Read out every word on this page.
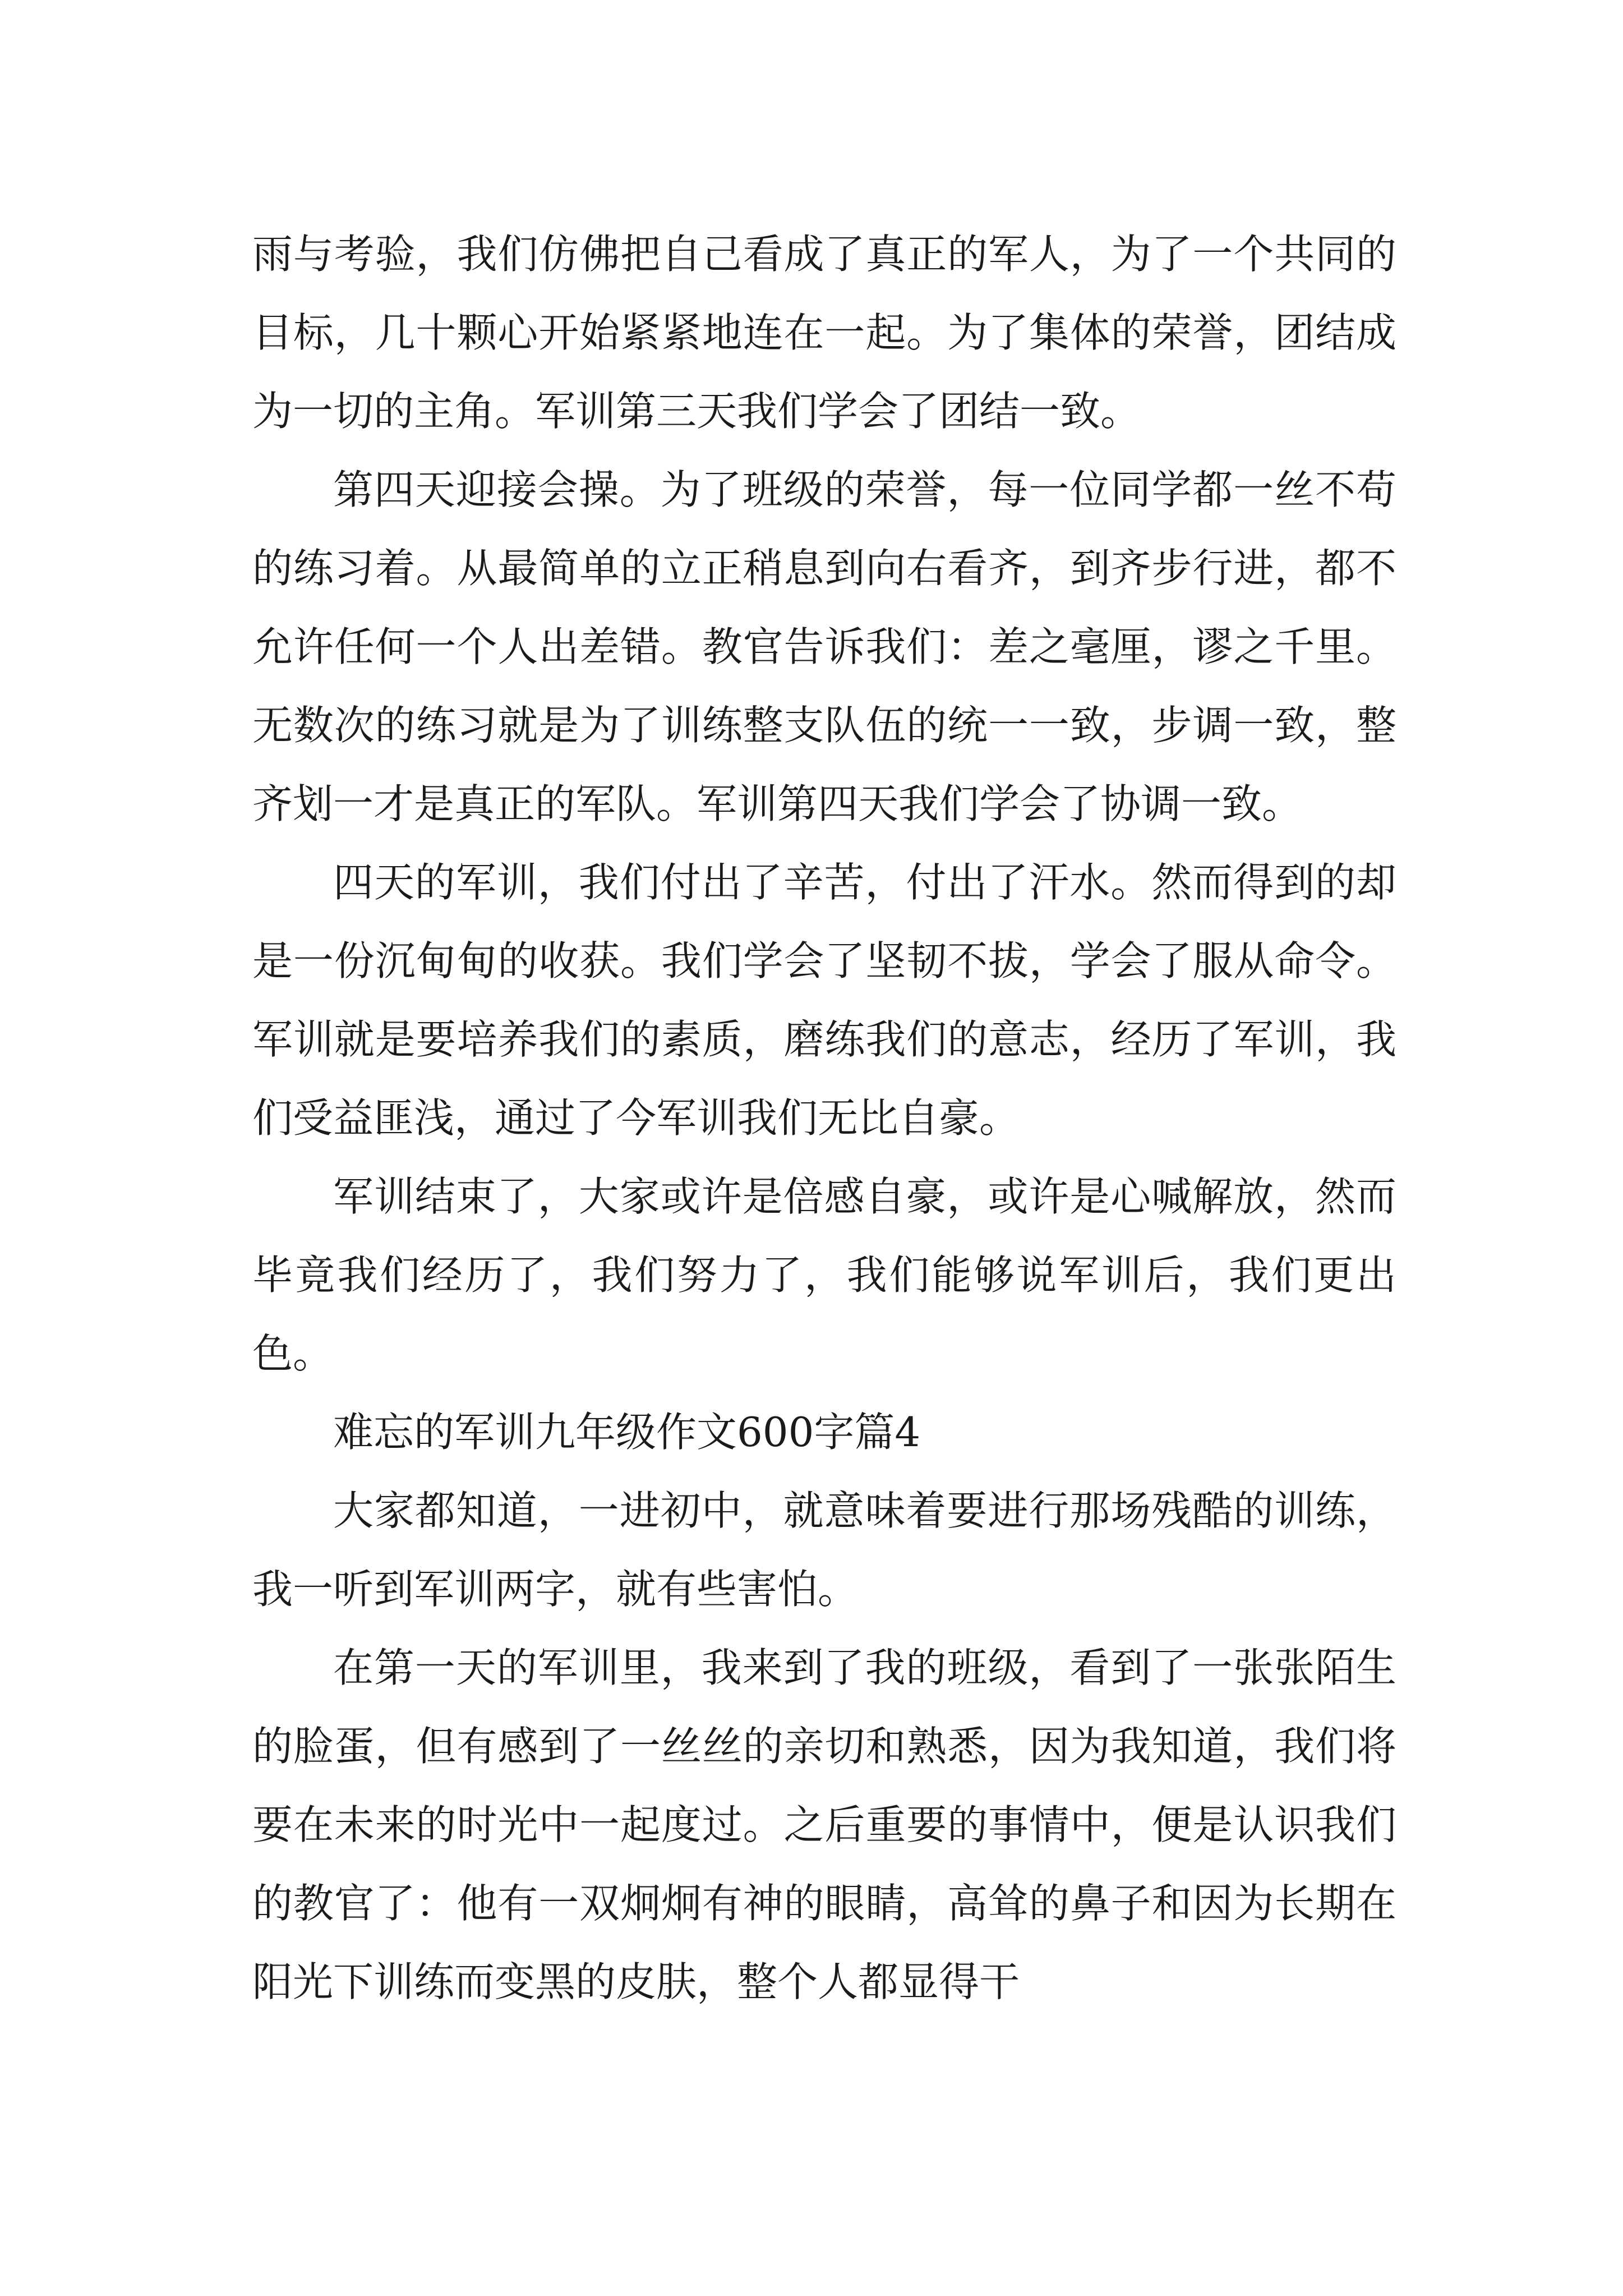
雨与考验，我们仿佛把自己看成了真正的军人，为了一个共同的目标，几十颗心开始紧紧地连在一起。为了集体的荣誉，团结成为一切的主角。军训第三天我们学会了团结一致。

第四天迎接会操。为了班级的荣誉，每一位同学都一丝不苟的练习着。从最简单的立正稍息到向右看齐，到齐步行进，都不允许任何一个人出差错。教官告诉我们：差之毫厘，谬之千里。无数次的练习就是为了训练整支队伍的统一一致，步调一致，整齐划一才是真正的军队。军训第四天我们学会了协调一致。

四天的军训，我们付出了辛苦，付出了汗水。然而得到的却是一份沉甸甸的收获。我们学会了坚韧不拔，学会了服从命令。军训就是要培养我们的素质，磨练我们的意志，经历了军训，我们受益匪浅，通过了今军训我们无比自豪。

军训结束了，大家或许是倍感自豪，或许是心喊解放，然而毕竟我们经历了，我们努力了，我们能够说军训后，我们更出色。

难忘的军训九年级作文600字篇4

大家都知道，一进初中，就意味着要进行那场残酷的训练，我一听到军训两字，就有些害怕。

在第一天的军训里，我来到了我的班级，看到了一张张陌生的脸蛋，但有感到了一丝丝的亲切和熟悉，因为我知道，我们将要在未来的时光中一起度过。之后重要的事情中，便是认识我们的教官了：他有一双炯炯有神的眼睛，高耸的鼻子和因为长期在阳光下训练而变黑的皮肤，整个人都显得干
